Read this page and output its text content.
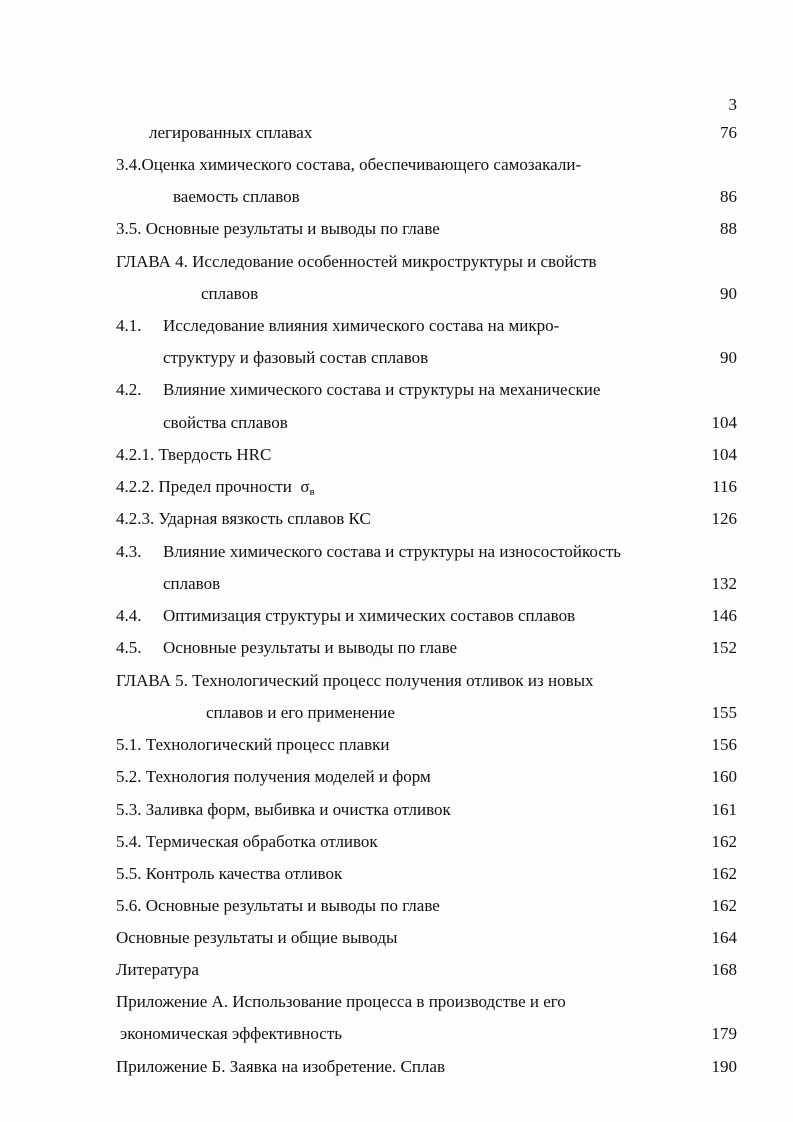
3
легированных сплавах	76
3.4.Оценка химического состава, обеспечивающего самозакали-
ваемость сплавов	86
3.5. Основные результаты и выводы по главе	88
ГЛАВА 4. Исследование особенностей микроструктуры и свойств
сплавов	90
4.1. Исследование влияния химического состава на микро-
структуру и фазовый состав сплавов	90
4.2. Влияние химического состава и структуры на механические
свойства сплавов	104
4.2.1. Твердость HRC	104
4.2.2. Предел прочности $\sigma_в$	116
4.2.3. Ударная вязкость сплавов КС	126
4.3. Влияние химического состава и структуры на износостойкость
сплавов	132
4.4. Оптимизация структуры и химических составов сплавов	146
4.5. Основные результаты и выводы по главе	152
ГЛАВА 5. Технологический процесс получения отливок из новых
сплавов и его применение	155
5.1. Технологический процесс плавки	156
5.2. Технология получения моделей и форм	160
5.3. Заливка форм, выбивка и очистка отливок	161
5.4. Термическая обработка отливок	162
5.5. Контроль качества отливок	162
5.6. Основные результаты и выводы по главе	162
Основные результаты и общие выводы	164
Литература	168
Приложение А. Использование процесса в производстве и его
экономическая эффективность	179
Приложение Б. Заявка на изобретение. Сплав	190
